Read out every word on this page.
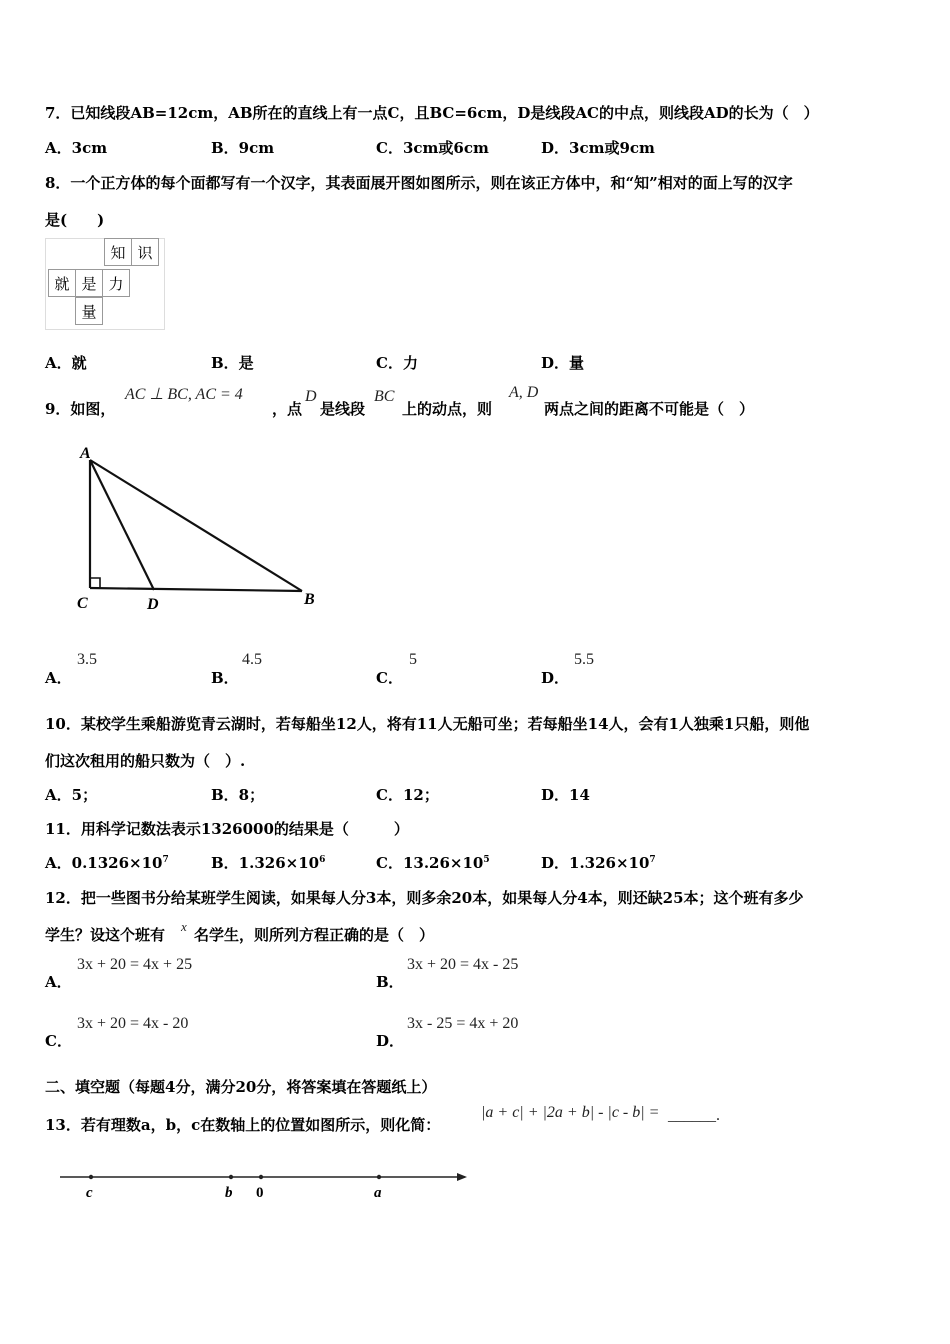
7．已知线段AB=12cm，AB所在的直线上有一点C，且BC=6cm，D是线段AC的中点，则线段AD的长为（　）
A．3cm	B．9cm	C．3cm或6cm	D．3cm或9cm
8．一个正方体的每个面都写有一个汉字，其表面展开图如图所示，则在该正方体中，和“知”相对的面上写的汉字
是(　　)
知 识
就 是 力
量
A．就	B．是	C．力	D．量
9．如图，
AC ⊥ BC, AC = 4
，点
D
是线段
BC
上的动点，则
A, D
两点之间的距离不可能是（　）
A
C	D	B
A．
3.5
B．
4.5
C．
5
D．
5.5
10．某校学生乘船游览青云湖时，若每船坐12人，将有11人无船可坐；若每船坐14人，会有1人独乘1只船，则他
们这次租用的船只数为（　）.
A．5；	B．8；	C．12；	D．14
11．用科学记数法表示1326000的结果是（　　　）
A．$0.1326\times 10^7$	B．$1.326\times 10^6$	C．$13.26\times 10^5$	D．$1.326\times 10^7$
12．把一些图书分给某班学生阅读，如果每人分3本，则多余20本，如果每人分4本，则还缺25本；这个班有多少
学生？设这个班有 x 名学生，则所列方程正确的是（　）
A．
3x + 20 = 4x + 25
B．
3x + 20 = 4x - 25
C．
3x + 20 = 4x - 20
D．
3x - 25 = 4x + 20
二、填空题（每题4分，满分20分，将答案填在答题纸上）
13．若有理数a，b，c在数轴上的位置如图所示，则化简：
|a + c| + |2a + b| - |c - b| = ______.
c	b 0	a
